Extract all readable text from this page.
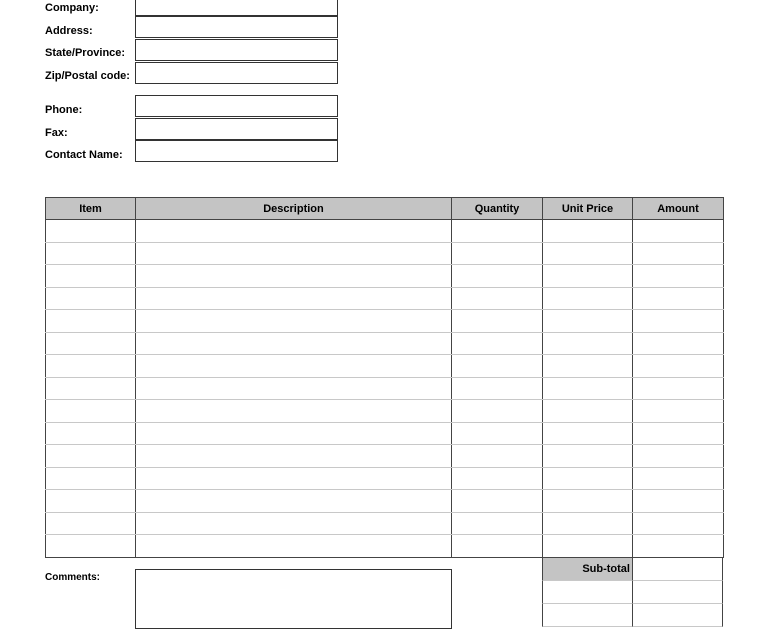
Company:
Address:
State/Province:
Zip/Postal code:
Phone:
Fax:
Contact Name:
Item	Description	Quantity	Unit Price	Amount

Comments:
Sub-total
